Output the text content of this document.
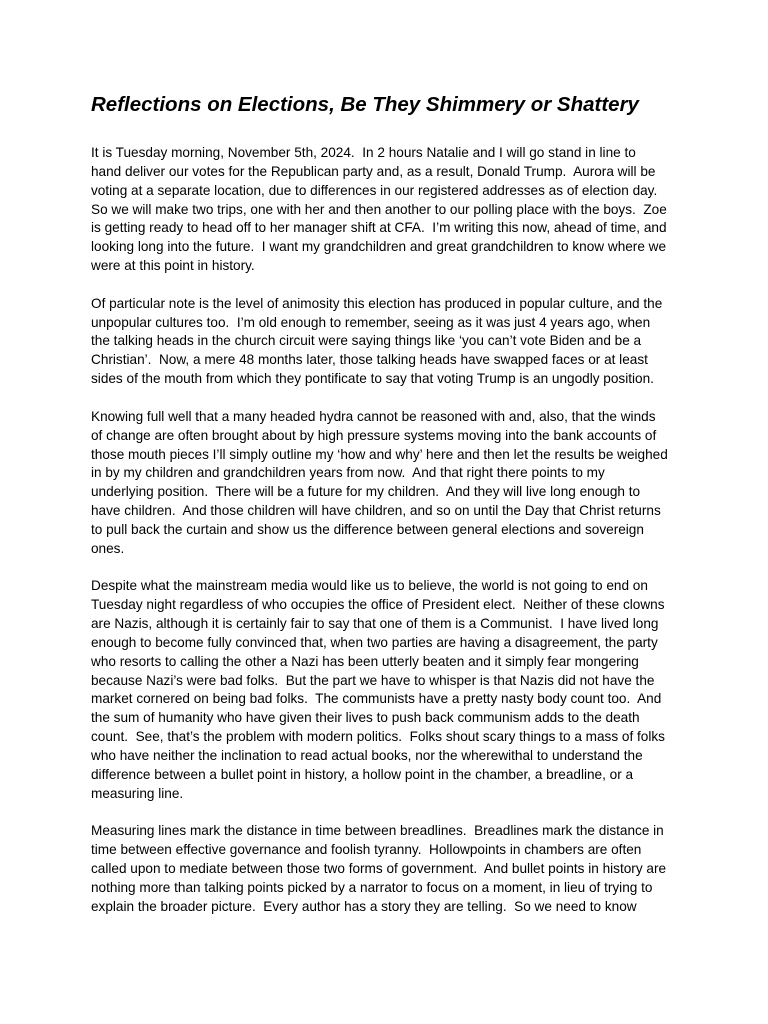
Reflections on Elections, Be They Shimmery or Shattery

It is Tuesday morning, November 5th, 2024.  In 2 hours Natalie and I will go stand in line to
hand deliver our votes for the Republican party and, as a result, Donald Trump.  Aurora will be
voting at a separate location, due to differences in our registered addresses as of election day.
So we will make two trips, one with her and then another to our polling place with the boys.  Zoe
is getting ready to head off to her manager shift at CFA.  I’m writing this now, ahead of time, and
looking long into the future.  I want my grandchildren and great grandchildren to know where we
were at this point in history.

Of particular note is the level of animosity this election has produced in popular culture, and the
unpopular cultures too.  I’m old enough to remember, seeing as it was just 4 years ago, when
the talking heads in the church circuit were saying things like ‘you can’t vote Biden and be a
Christian’.  Now, a mere 48 months later, those talking heads have swapped faces or at least
sides of the mouth from which they pontificate to say that voting Trump is an ungodly position.

Knowing full well that a many headed hydra cannot be reasoned with and, also, that the winds
of change are often brought about by high pressure systems moving into the bank accounts of
those mouth pieces I’ll simply outline my ‘how and why’ here and then let the results be weighed
in by my children and grandchildren years from now.  And that right there points to my
underlying position.  There will be a future for my children.  And they will live long enough to
have children.  And those children will have children, and so on until the Day that Christ returns
to pull back the curtain and show us the difference between general elections and sovereign
ones.

Despite what the mainstream media would like us to believe, the world is not going to end on
Tuesday night regardless of who occupies the office of President elect.  Neither of these clowns
are Nazis, although it is certainly fair to say that one of them is a Communist.  I have lived long
enough to become fully convinced that, when two parties are having a disagreement, the party
who resorts to calling the other a Nazi has been utterly beaten and it simply fear mongering
because Nazi’s were bad folks.  But the part we have to whisper is that Nazis did not have the
market cornered on being bad folks.  The communists have a pretty nasty body count too.  And
the sum of humanity who have given their lives to push back communism adds to the death
count.  See, that’s the problem with modern politics.  Folks shout scary things to a mass of folks
who have neither the inclination to read actual books, nor the wherewithal to understand the
difference between a bullet point in history, a hollow point in the chamber, a breadline, or a
measuring line.

Measuring lines mark the distance in time between breadlines.  Breadlines mark the distance in
time between effective governance and foolish tyranny.  Hollowpoints in chambers are often
called upon to mediate between those two forms of government.  And bullet points in history are
nothing more than talking points picked by a narrator to focus on a moment, in lieu of trying to
explain the broader picture.  Every author has a story they are telling.  So we need to know
